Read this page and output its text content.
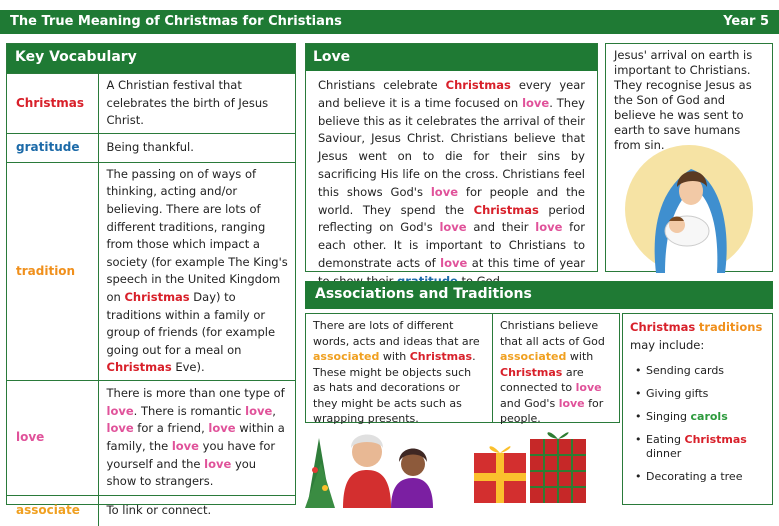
The True Meaning of Christmas for Christians	Year 5
Key Vocabulary
Christmas	A Christian festival that celebrates the birth of Jesus Christ.
gratitude	Being thankful.
tradition	The passing on of ways of thinking, acting and/or believing. There are lots of different traditions, ranging from those which impact a society (for example The King's speech in the United Kingdom on Christmas Day) to traditions within a family or group of friends (for example going out for a meal on Christmas Eve).
love	There is more than one type of love. There is romantic love, love for a friend, love within a family, the love you have for yourself and the love you show to strangers.
associate	To link or connect.
Love
Christians celebrate Christmas every year and believe it is a time focused on love. They believe this as it celebrates the arrival of their Saviour, Jesus Christ. Christians believe that Jesus went on to die for their sins by sacrificing His life on the cross. Christians feel this shows God's love for people and the world. They spend the Christmas period reflecting on God's love and their love for each other. It is important to Christians to demonstrate acts of love at this time of year
Jesus' arrival on earth is important to Christians. They recognise Jesus as the Son of God and believe he was sent to earth to save humans from sin.
Associations and Traditions
There are lots of different words, acts and ideas that are associated with Christmas. These might be objects such as hats and decorations or they might be acts such as wrapping presents.
Christians believe that all acts of God associated with Christmas are connected to love and God's love for people.
Christmas traditions
may include:
• Sending cards
• Giving gifts
• Singing carols
• Eating Christmas dinner
• Decorating a tree
